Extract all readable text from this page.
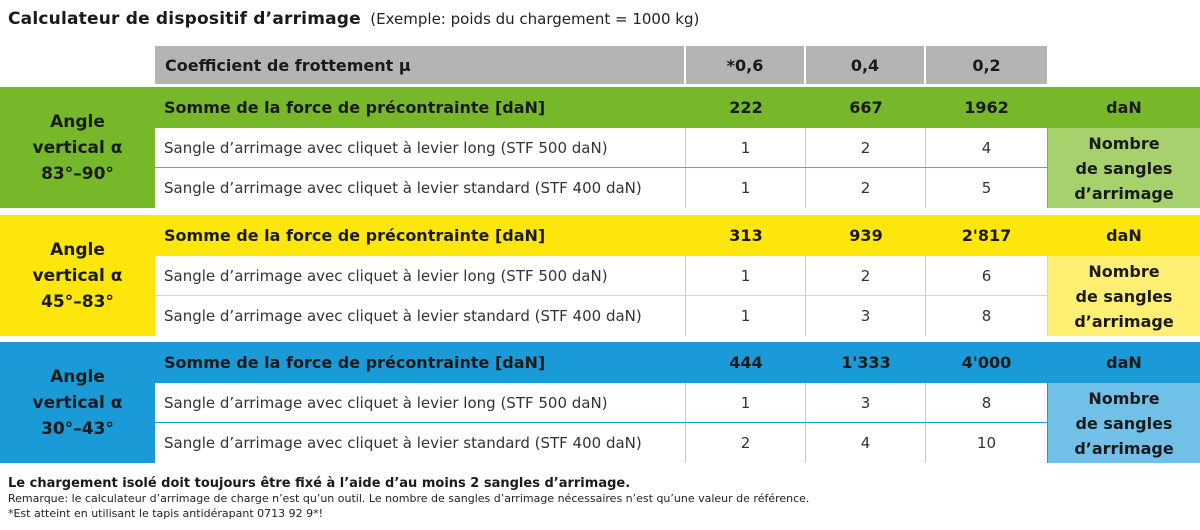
Calculateur de dispositif d’arrimage (Exemple: poids du chargement = 1000 kg)
Coefficient de frottement µ	*0,6	0,4	0,2
Angle
vertical α
83°–90°
Somme de la force de précontrainte [daN]	222	667	1962
Sangle d’arrimage avec cliquet à levier long (STF 500 daN)	1	2	4
Sangle d’arrimage avec cliquet à levier standard (STF 400 daN)	1	2	5
daN
Nombre
de sangles
d’arrimage
Angle
vertical α
45°–83°
Somme de la force de précontrainte [daN]	313	939	2'817
Sangle d’arrimage avec cliquet à levier long (STF 500 daN)	1	2	6
Sangle d’arrimage avec cliquet à levier standard (STF 400 daN)	1	3	8
daN
Nombre
de sangles
d’arrimage
Angle
vertical α
30°–43°
Somme de la force de précontrainte [daN]	444	1'333	4'000
Sangle d’arrimage avec cliquet à levier long (STF 500 daN)	1	3	8
Sangle d’arrimage avec cliquet à levier standard (STF 400 daN)	2	4	10
daN
Nombre
de sangles
d’arrimage
Le chargement isolé doit toujours être fixé à l’aide d’au moins 2 sangles d’arrimage.
Remarque: le calculateur d’arrimage de charge n’est qu’un outil. Le nombre de sangles d’arrimage nécessaires n’est qu’une valeur de référence.
*Est atteint en utilisant le tapis antidérapant 0713 92 9*!
